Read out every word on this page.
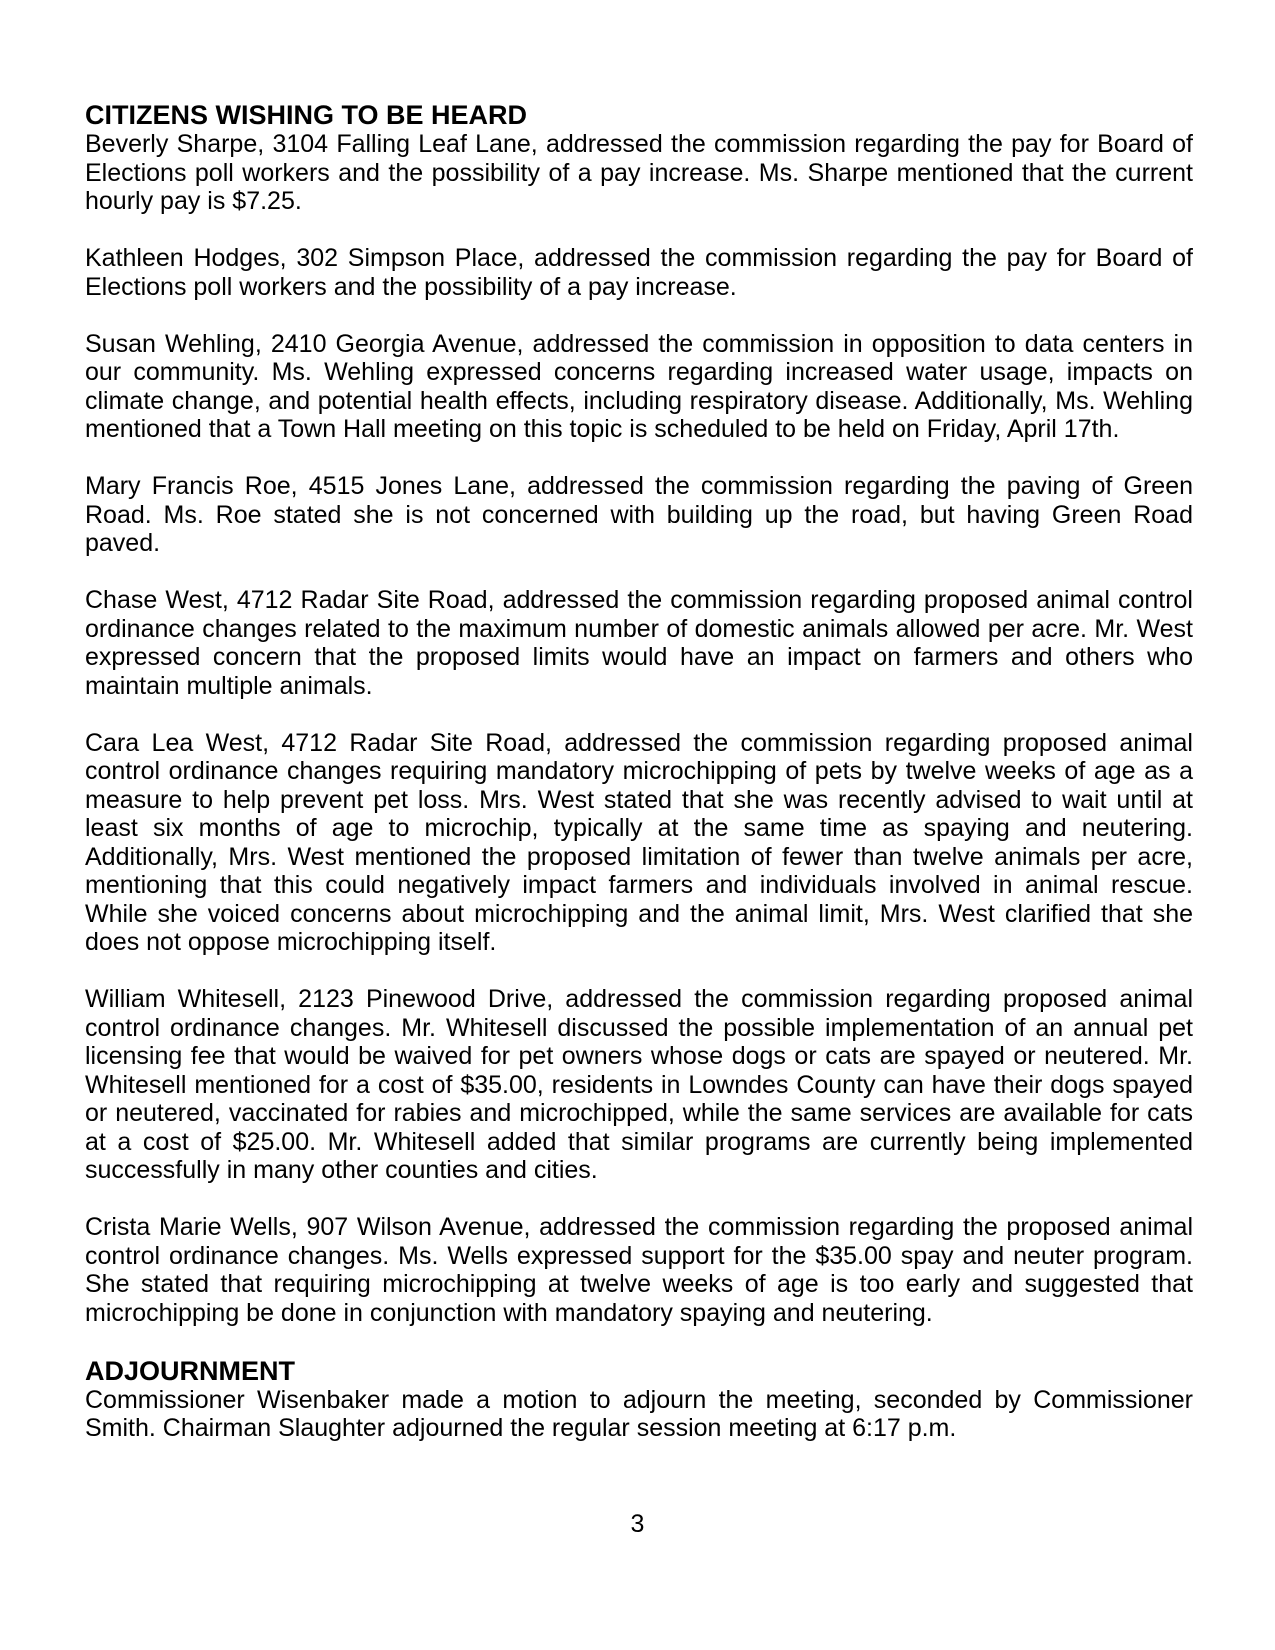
CITIZENS WISHING TO BE HEARD

Beverly Sharpe, 3104 Falling Leaf Lane, addressed the commission regarding the pay for Board of Elections poll workers and the possibility of a pay increase. Ms. Sharpe mentioned that the current hourly pay is $7.25.

Kathleen Hodges, 302 Simpson Place, addressed the commission regarding the pay for Board of Elections poll workers and the possibility of a pay increase.

Susan Wehling, 2410 Georgia Avenue, addressed the commission in opposition to data centers in our community. Ms. Wehling expressed concerns regarding increased water usage, impacts on climate change, and potential health effects, including respiratory disease. Additionally, Ms. Wehling mentioned that a Town Hall meeting on this topic is scheduled to be held on Friday, April 17th.

Mary Francis Roe, 4515 Jones Lane, addressed the commission regarding the paving of Green Road. Ms. Roe stated she is not concerned with building up the road, but having Green Road paved.

Chase West, 4712 Radar Site Road, addressed the commission regarding proposed animal control ordinance changes related to the maximum number of domestic animals allowed per acre. Mr. West expressed concern that the proposed limits would have an impact on farmers and others who maintain multiple animals.

Cara Lea West, 4712 Radar Site Road, addressed the commission regarding proposed animal control ordinance changes requiring mandatory microchipping of pets by twelve weeks of age as a measure to help prevent pet loss. Mrs. West stated that she was recently advised to wait until at least six months of age to microchip, typically at the same time as spaying and neutering. Additionally, Mrs. West mentioned the proposed limitation of fewer than twelve animals per acre, mentioning that this could negatively impact farmers and individuals involved in animal rescue. While she voiced concerns about microchipping and the animal limit, Mrs. West clarified that she does not oppose microchipping itself.

William Whitesell, 2123 Pinewood Drive, addressed the commission regarding proposed animal control ordinance changes. Mr. Whitesell discussed the possible implementation of an annual pet licensing fee that would be waived for pet owners whose dogs or cats are spayed or neutered. Mr. Whitesell mentioned for a cost of $35.00, residents in Lowndes County can have their dogs spayed or neutered, vaccinated for rabies and microchipped, while the same services are available for cats at a cost of $25.00. Mr. Whitesell added that similar programs are currently being implemented successfully in many other counties and cities.

Crista Marie Wells, 907 Wilson Avenue, addressed the commission regarding the proposed animal control ordinance changes. Ms. Wells expressed support for the $35.00 spay and neuter program. She stated that requiring microchipping at twelve weeks of age is too early and suggested that microchipping be done in conjunction with mandatory spaying and neutering.

ADJOURNMENT

Commissioner Wisenbaker made a motion to adjourn the meeting, seconded by Commissioner Smith. Chairman Slaughter adjourned the regular session meeting at 6:17 p.m.

3
